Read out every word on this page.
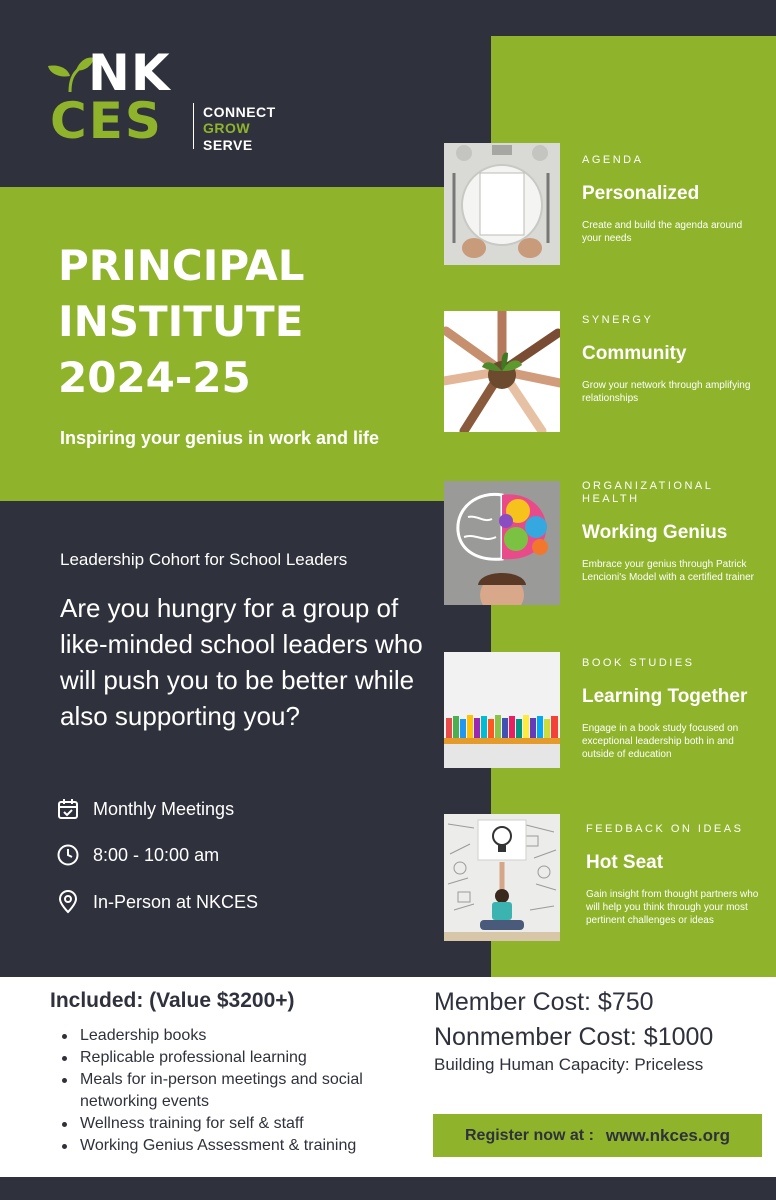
NK
CES	CONNECT
GROW
SERVE
PRINCIPAL
INSTITUTE
2024-25
Inspiring your genius in work and life
Leadership Cohort for School Leaders
Are you hungry for a group of like-minded school leaders who will push you to be better while also supporting you?
Monthly Meetings
8:00 - 10:00 am
In-Person at NKCES
AGENDA
Personalized
Create and build the agenda around your needs
SYNERGY
Community
Grow your network through amplifying relationships
ORGANIZATIONAL HEALTH
Working Genius
Embrace your genius through Patrick Lencioni's Model with a certified trainer
BOOK STUDIES
Learning Together
Engage in a book study focused on exceptional leadership both in and outside of education
FEEDBACK ON IDEAS
Hot Seat
Gain insight from thought partners who will help you think through your most pertinent challenges or ideas
Included: (Value $3200+)
Leadership books
Replicable professional learning
Meals for in-person meetings and social networking events
Wellness training for self & staff
Working Genius Assessment & training
Member Cost: $750
Nonmember Cost: $1000
Building Human Capacity: Priceless
Register now at : www.nkces.org
